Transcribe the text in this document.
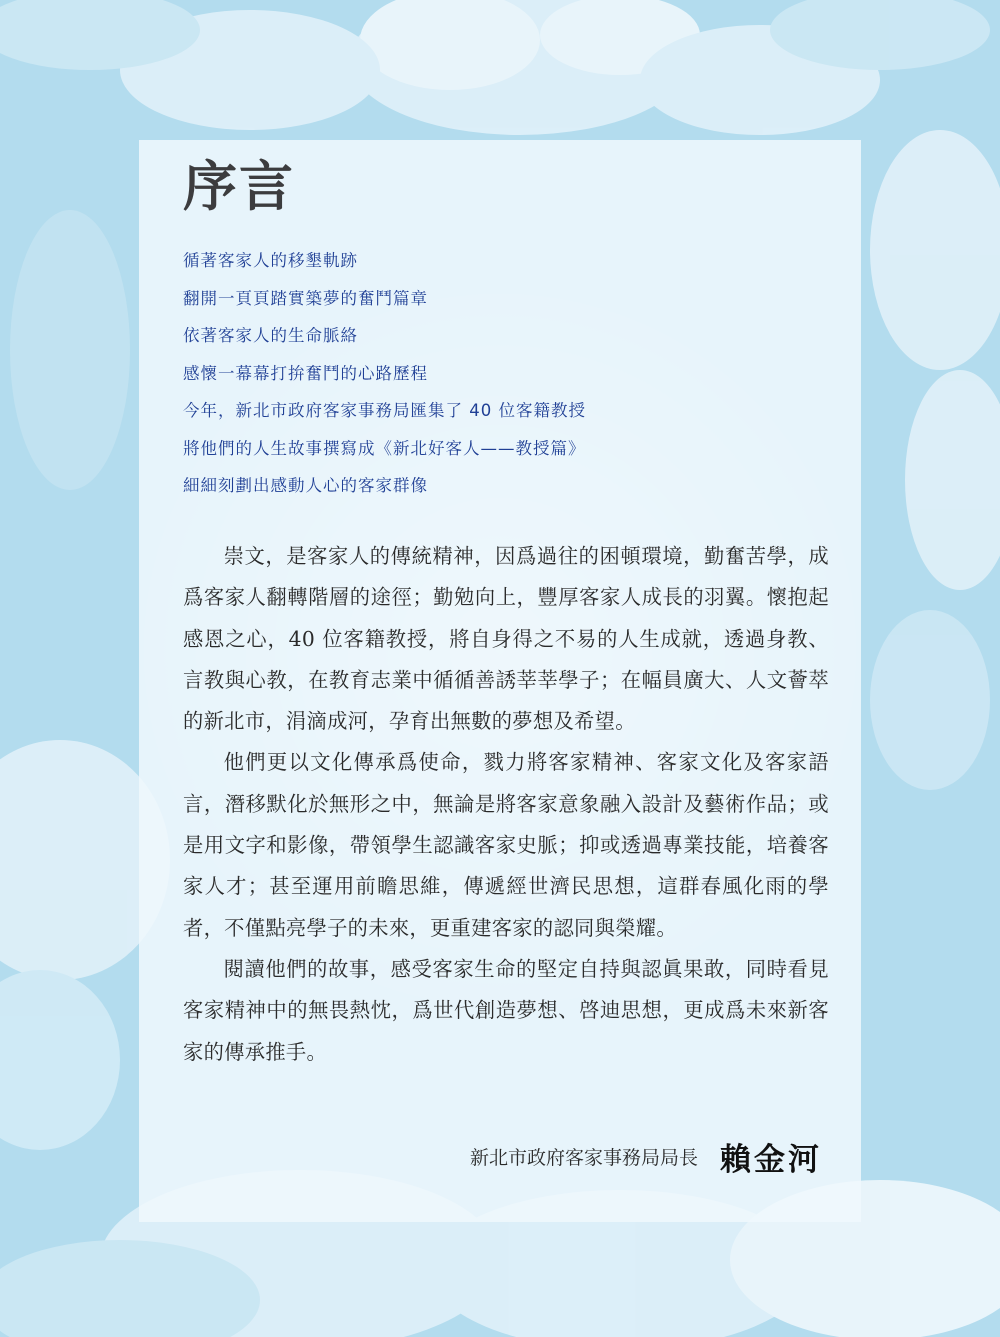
序言
循著客家人的移墾軌跡
翻開一頁頁踏實築夢的奮鬥篇章
依著客家人的生命脈絡
感懷一幕幕打拚奮鬥的心路歷程
今年，新北市政府客家事務局匯集了 40 位客籍教授
將他們的人生故事撰寫成《新北好客人——教授篇》
細細刻劃出感動人心的客家群像

崇文，是客家人的傳統精神，因爲過往的困頓環境，勤奮苦學，成爲客家人翻轉階層的途徑；勤勉向上，豐厚客家人成長的羽翼。懷抱起感恩之心，40 位客籍教授，將自身得之不易的人生成就，透過身教、言教與心教，在教育志業中循循善誘莘莘學子；在幅員廣大、人文薈萃的新北市，涓滴成河，孕育出無數的夢想及希望。

他們更以文化傳承爲使命，戮力將客家精神、客家文化及客家語言，潛移默化於無形之中，無論是將客家意象融入設計及藝術作品；或是用文字和影像，帶領學生認識客家史脈；抑或透過專業技能，培養客家人才；甚至運用前瞻思維，傳遞經世濟民思想，這群春風化雨的學者，不僅點亮學子的未來，更重建客家的認同與榮耀。

閱讀他們的故事，感受客家生命的堅定自持與認眞果敢，同時看見客家精神中的無畏熱忱，爲世代創造夢想、啓迪思想，更成爲未來新客家的傳承推手。

新北市政府客家事務局局長 賴金河
